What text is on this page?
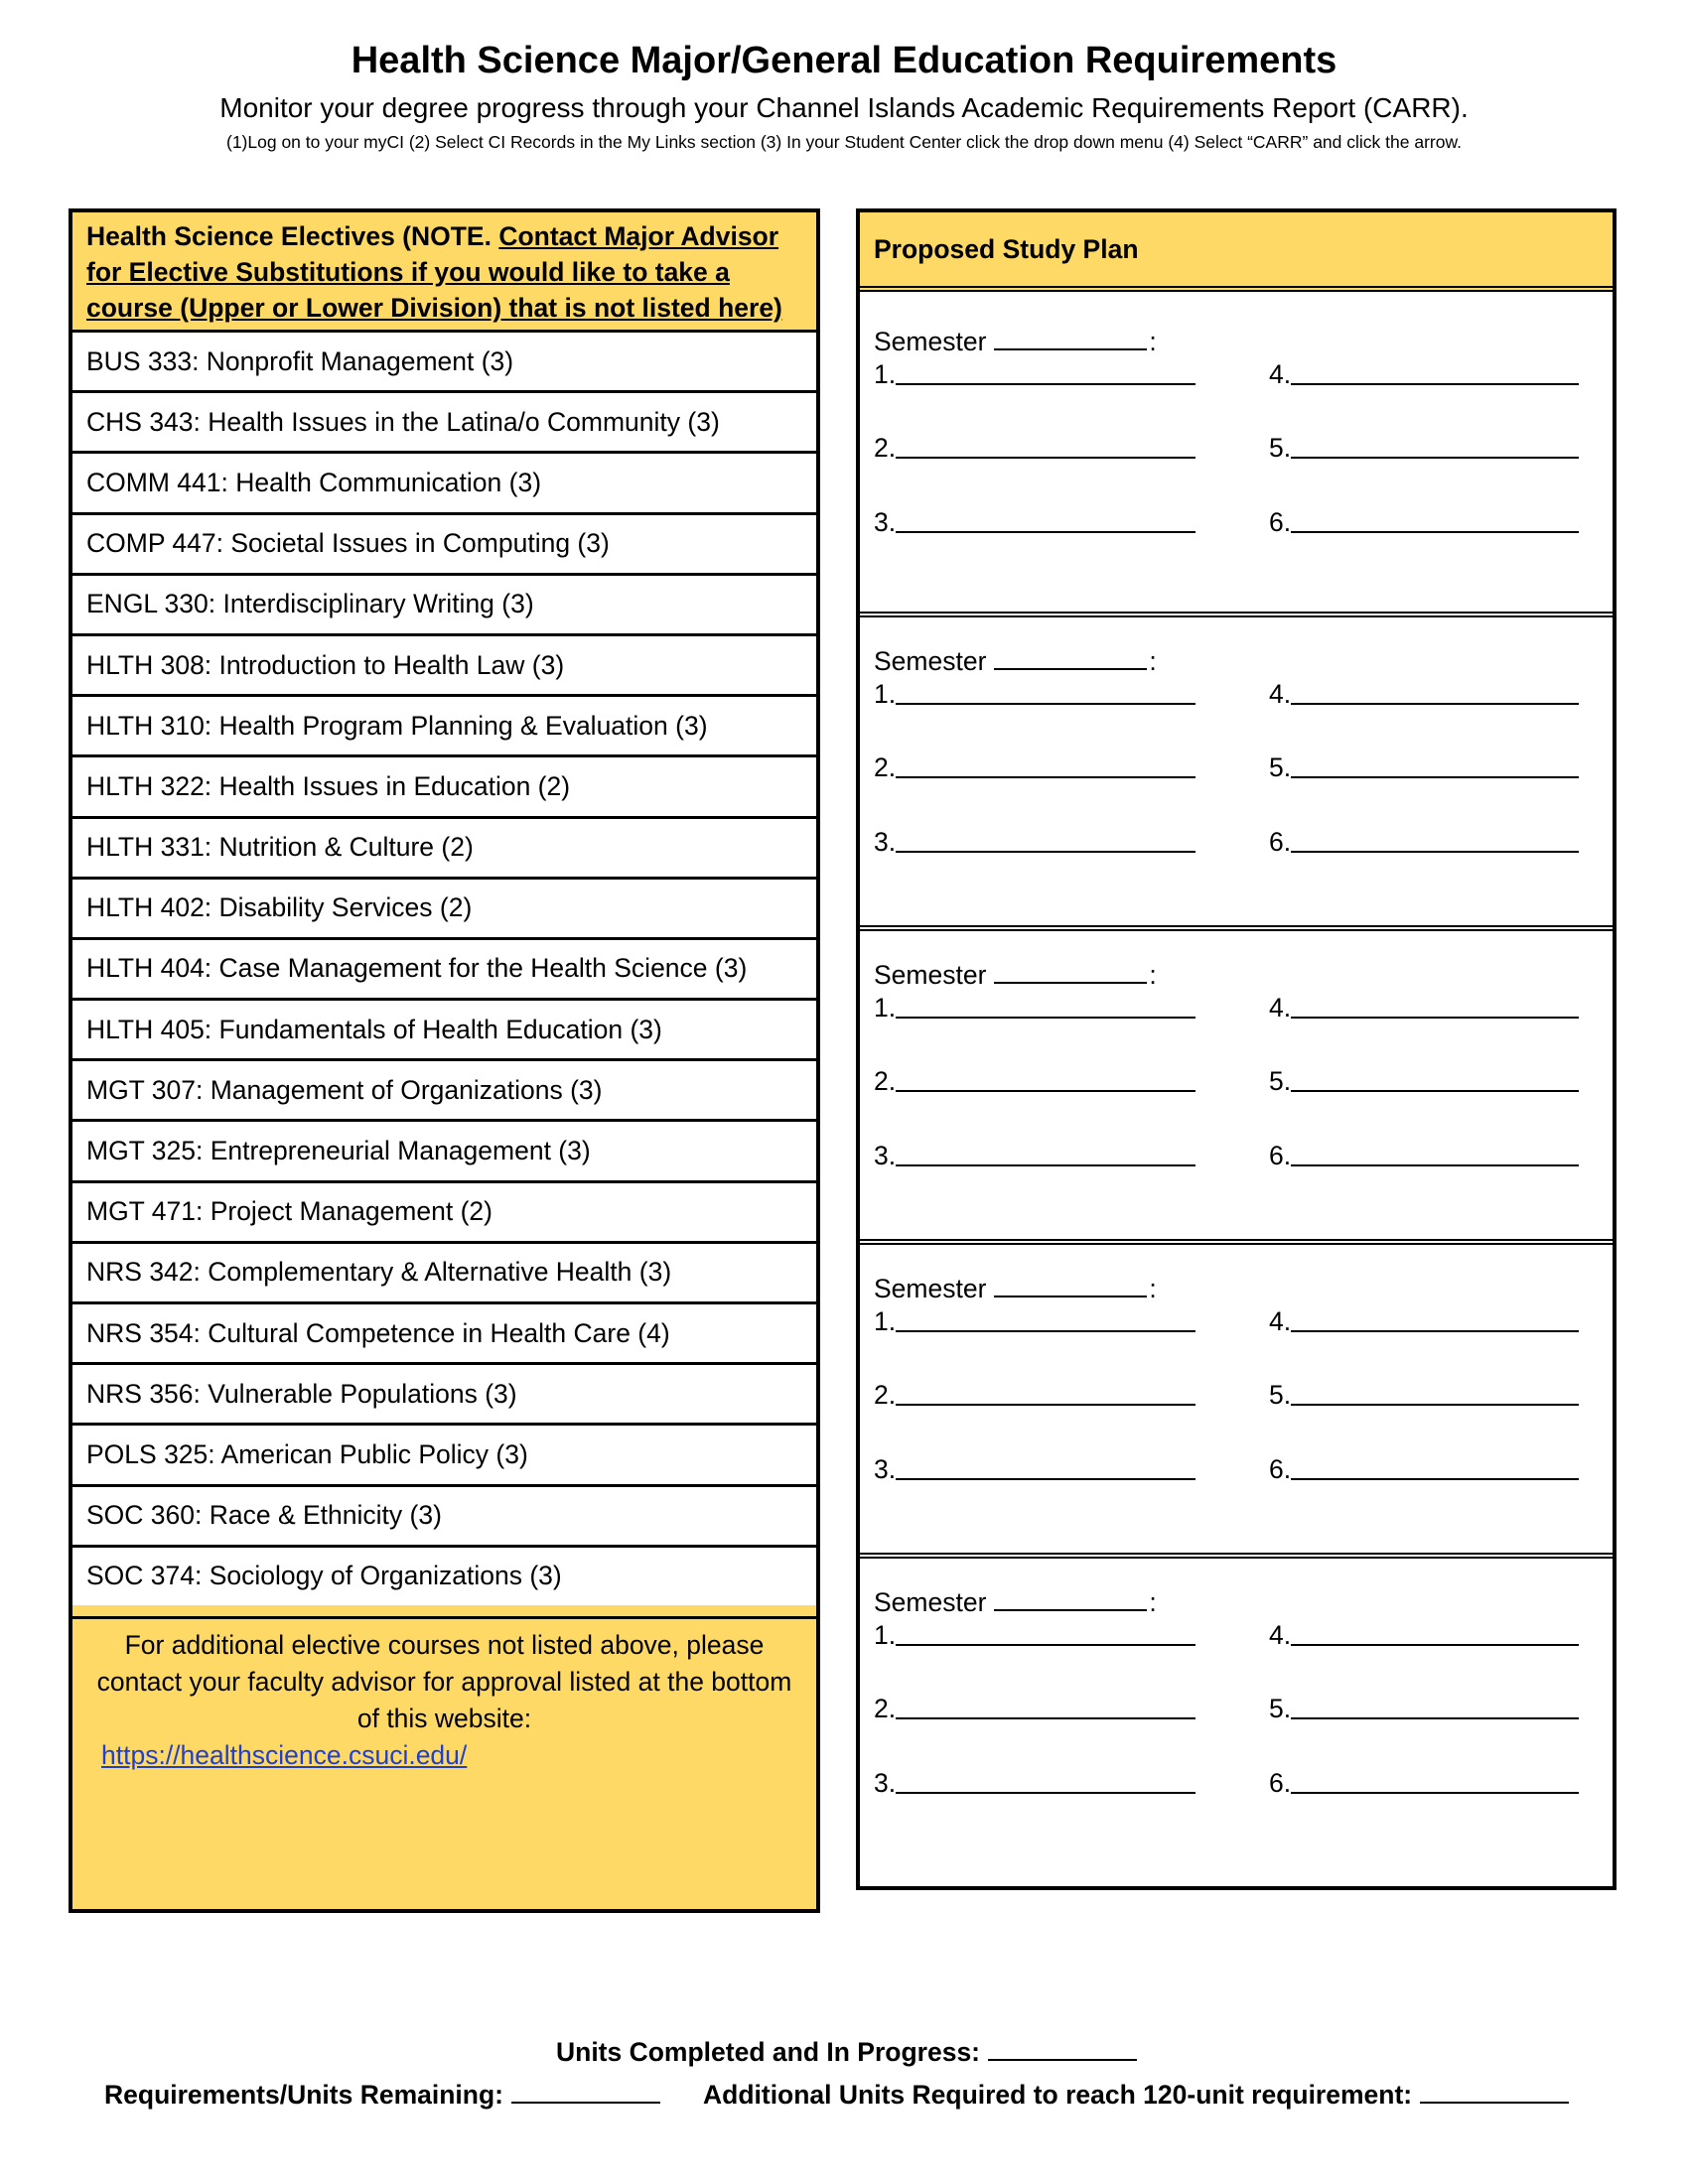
Health Science Major/General Education Requirements
Monitor your degree progress through your Channel Islands Academic Requirements Report (CARR).
(1)Log on to your myCI (2) Select CI Records in the My Links section (3) In your Student Center click the drop down menu (4) Select “CARR” and click the arrow.
Health Science Electives (NOTE. Contact Major Advisor
for Elective Substitutions if you would like to take a
course (Upper or Lower Division) that is not listed here)
BUS 333: Nonprofit Management (3)
CHS 343: Health Issues in the Latina/o Community (3)
COMM 441: Health Communication (3)
COMP 447: Societal Issues in Computing (3)
ENGL 330: Interdisciplinary Writing (3)
HLTH 308: Introduction to Health Law (3)
HLTH 310: Health Program Planning & Evaluation (3)
HLTH 322: Health Issues in Education (2)
HLTH 331: Nutrition & Culture (2)
HLTH 402: Disability Services (2)
HLTH 404: Case Management for the Health Science (3)
HLTH 405: Fundamentals of Health Education (3)
MGT 307: Management of Organizations (3)
MGT 325: Entrepreneurial Management (3)
MGT 471: Project Management (2)
NRS 342: Complementary & Alternative Health (3)
NRS 354: Cultural Competence in Health Care (4)
NRS 356: Vulnerable Populations (3)
POLS 325: American Public Policy (3)
SOC 360: Race & Ethnicity (3)
SOC 374: Sociology of Organizations (3)
For additional elective courses not listed above, please contact your faculty advisor for approval listed at the bottom of this website:
https://healthscience.csuci.edu/
Proposed Study Plan
Semester	:
1.
2.
3.
4.
5.
6.
Semester	:
1.
2.
3.
4.
5.
6.
Semester	:
1.
2.
3.
4.
5.
6.
Semester	:
1.
2.
3.
4.
5.
6.
Semester	:
1.
2.
3.
4.
5.
6.
Units Completed and In Progress:
Requirements/Units Remaining:	Additional Units Required to reach 120-unit requirement:
